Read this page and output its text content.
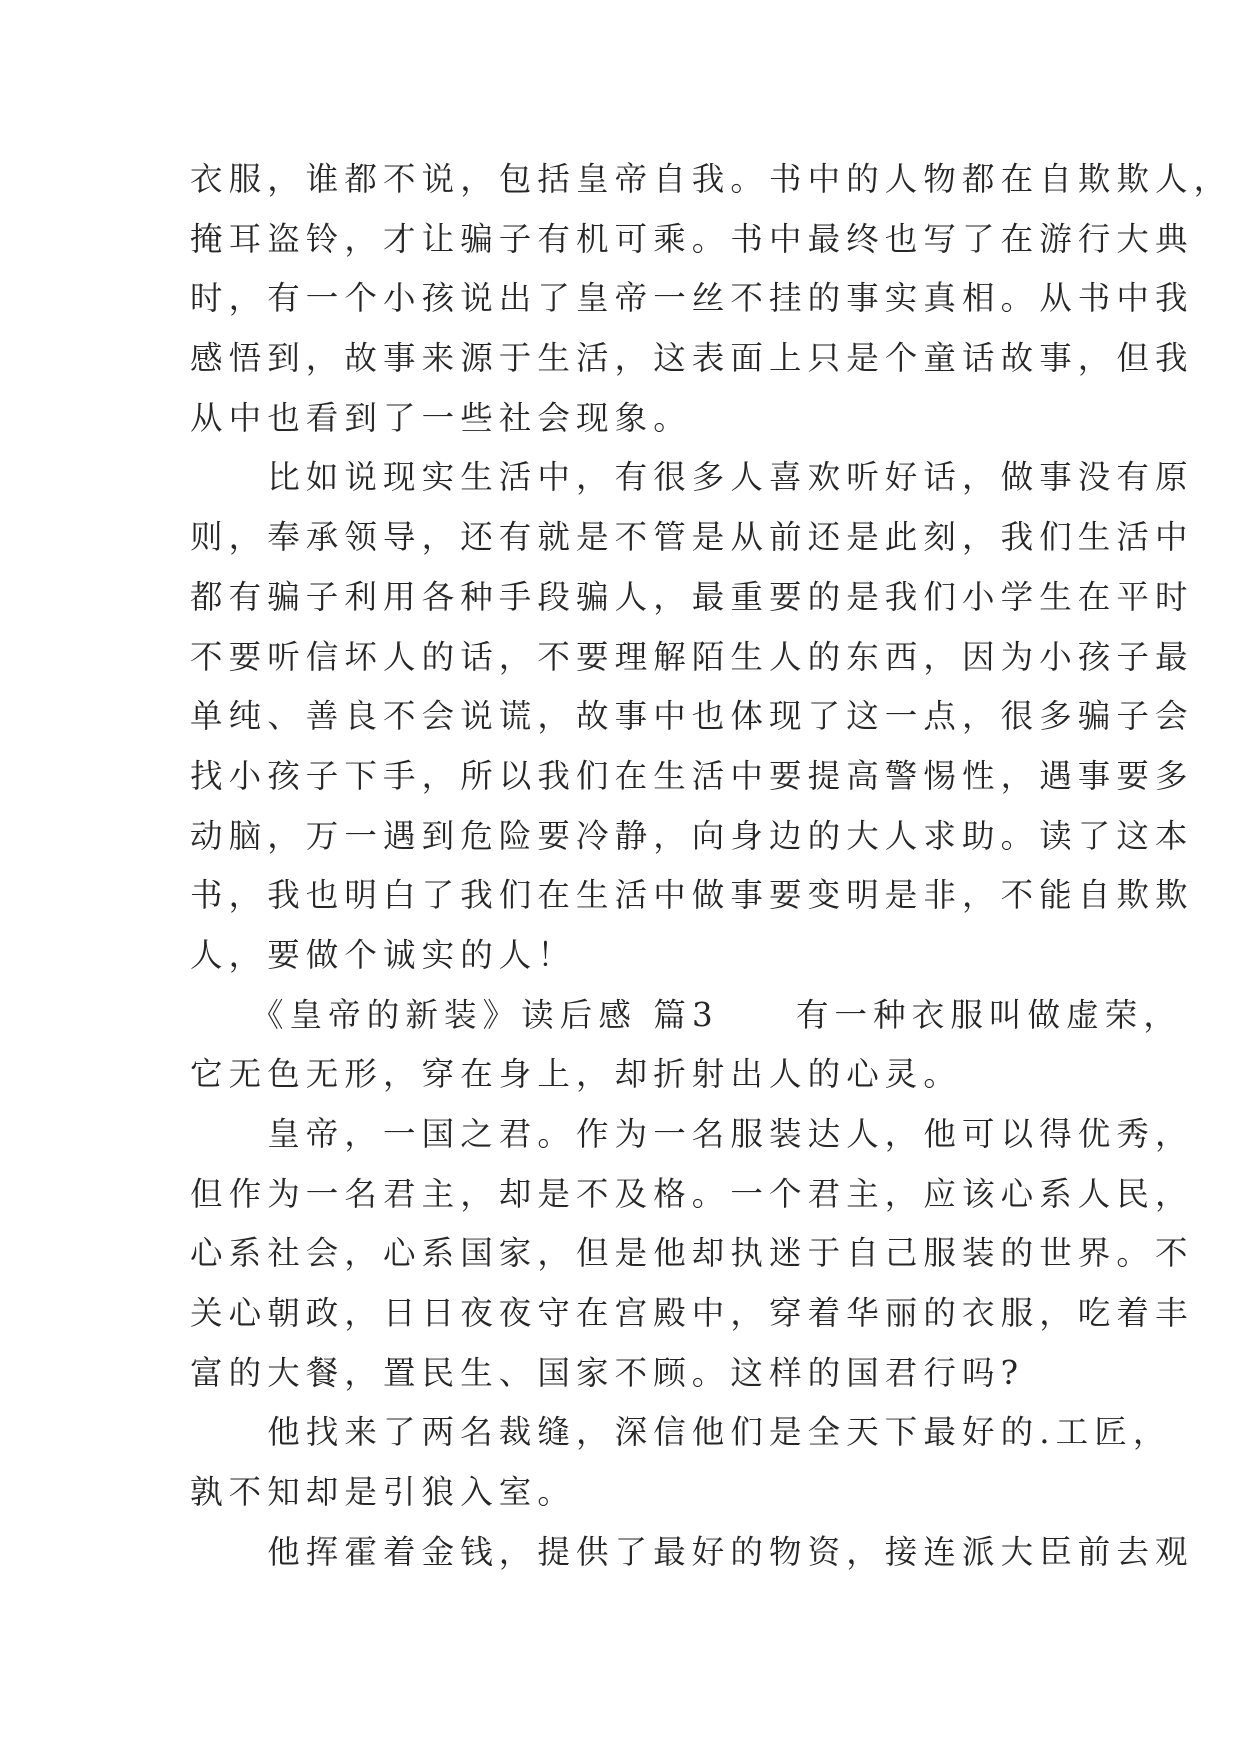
衣服，谁都不说，包括皇帝自我。书中的人物都在自欺欺人，
掩耳盗铃，才让骗子有机可乘。书中最终也写了在游行大典
时，有一个小孩说出了皇帝一丝不挂的事实真相。从书中我
感悟到，故事来源于生活，这表面上只是个童话故事，但我
从中也看到了一些社会现象。
　　比如说现实生活中，有很多人喜欢听好话，做事没有原
则，奉承领导，还有就是不管是从前还是此刻，我们生活中
都有骗子利用各种手段骗人，最重要的是我们小学生在平时
不要听信坏人的话，不要理解陌生人的东西，因为小孩子最
单纯、善良不会说谎，故事中也体现了这一点，很多骗子会
找小孩子下手，所以我们在生活中要提高警惕性，遇事要多
动脑，万一遇到危险要冷静，向身边的大人求助。读了这本
书，我也明白了我们在生活中做事要变明是非，不能自欺欺
人，要做个诚实的人！
　　《皇帝的新装》读后感 篇3　　有一种衣服叫做虚荣，
它无色无形，穿在身上，却折射出人的心灵。
　　皇帝，一国之君。作为一名服装达人，他可以得优秀，
但作为一名君主，却是不及格。一个君主，应该心系人民，
心系社会，心系国家，但是他却执迷于自己服装的世界。不
关心朝政，日日夜夜守在宫殿中，穿着华丽的衣服，吃着丰
富的大餐，置民生、国家不顾。这样的国君行吗?
　　他找来了两名裁缝，深信他们是全天下最好的.工匠，
孰不知却是引狼入室。
　　他挥霍着金钱，提供了最好的物资，接连派大臣前去观
